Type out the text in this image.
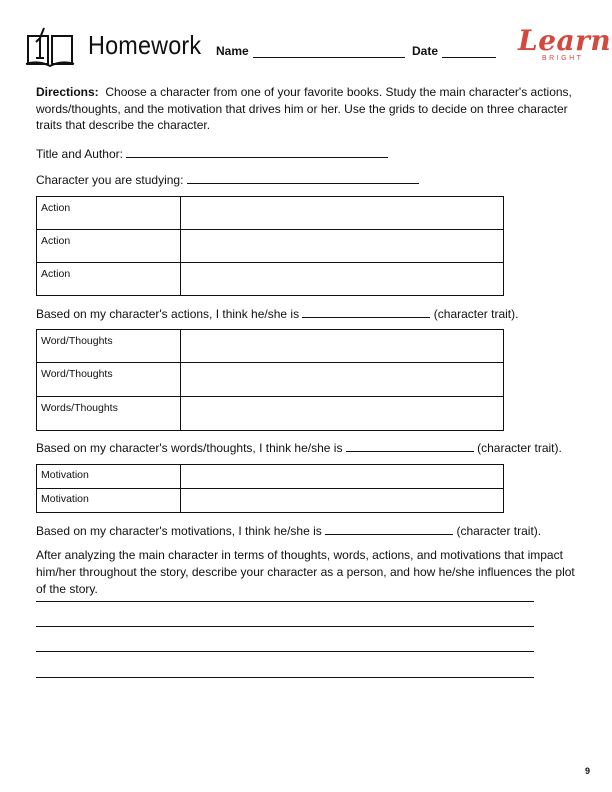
Homework Name	Date	Learn
BRIGHT
Directions: Choose a character from one of your favorite books. Study the main character's actions, words/thoughts, and the motivation that drives him or her. Use the grids to decide on three character traits that describe the character.
Title and Author:
Character you are studying:
Action	
Action	
Action	
Based on my character's actions, I think he/she is	(character trait).
Word/Thoughts	
Word/Thoughts	
Words/Thoughts	
Based on my character's words/thoughts, I think he/she is	(character trait).
Motivation	
Motivation	
Based on my character's motivations, I think he/she is	(character trait).
After analyzing the main character in terms of thoughts, words, actions, and motivations that impact him/her throughout the story, describe your character as a person, and how he/she influences the plot of the story.
9
